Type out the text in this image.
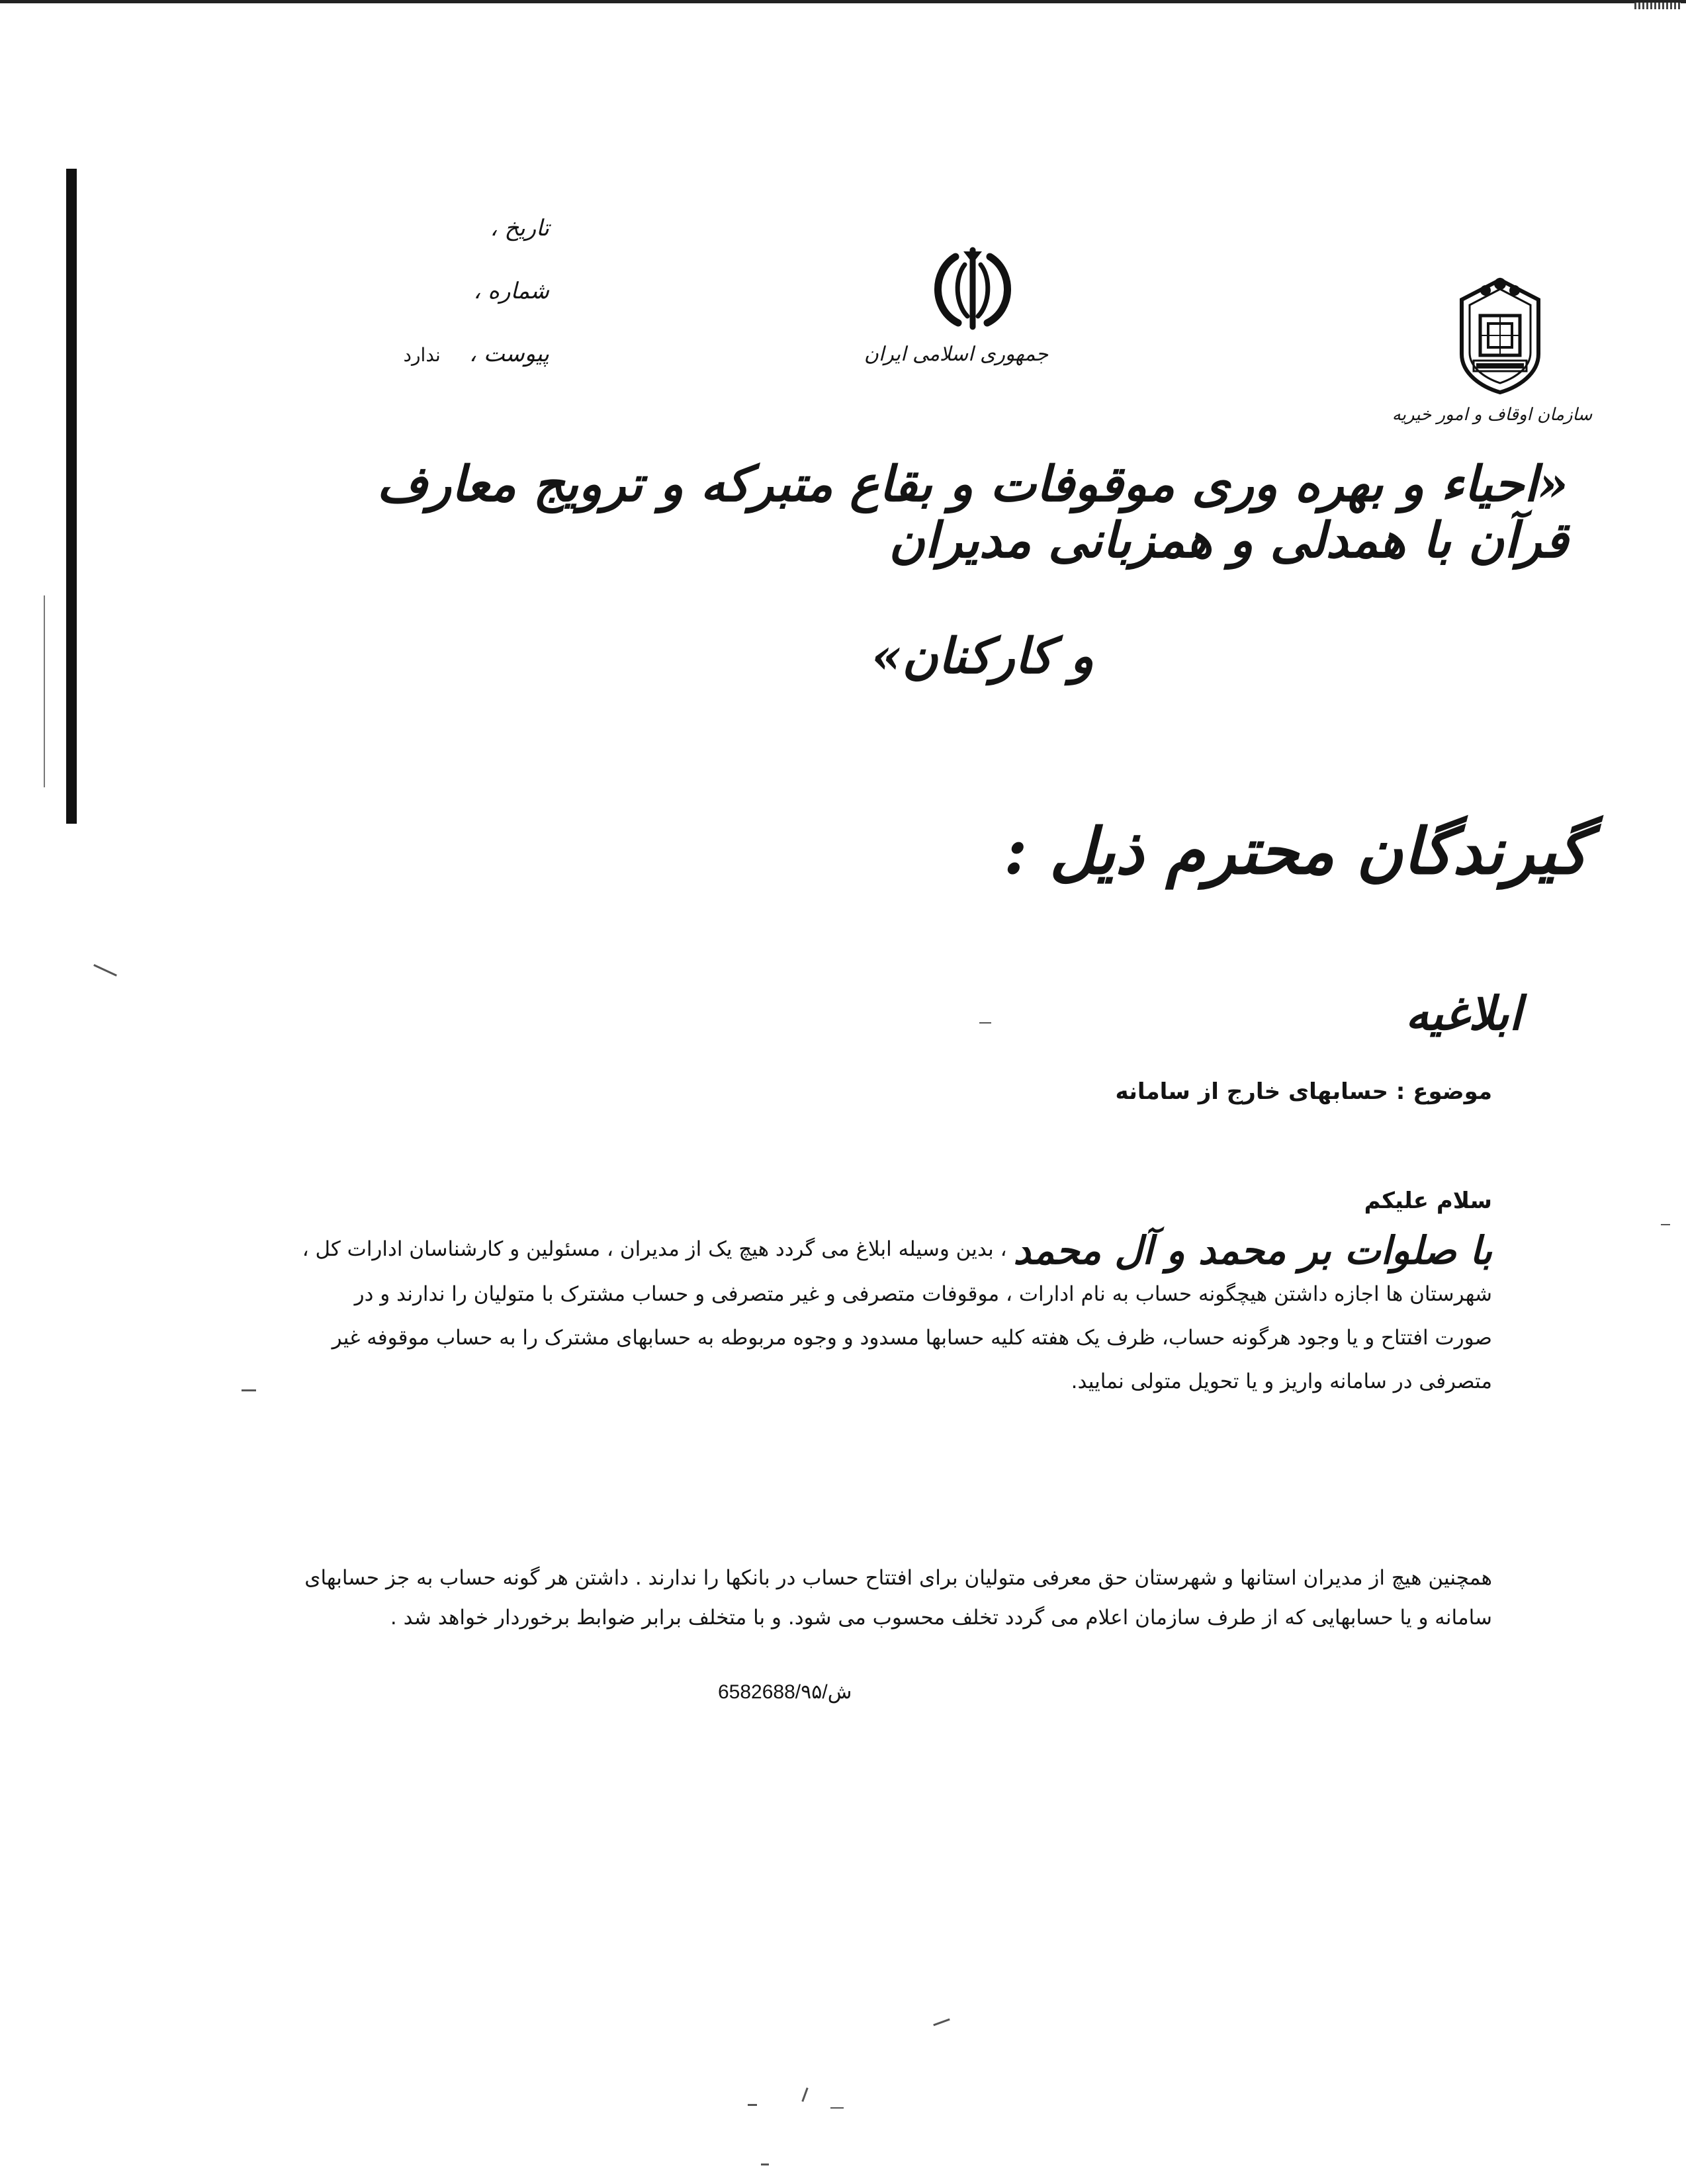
تاریخ ،
شماره ،
پیوست ،    ندارد	جمهوری اسلامی ایران
سازمان اوقاف و امور خیریه
«احیاء و بهره وری موقوفات و بقاع متبرکه و ترویج معارف قرآن با همدلی و همزبانی مدیران
و کارکنان»
گیرندگان محترم ذیل :
ابلاغیه
موضوع : حسابهای خارج از سامانه
سلام علیکم
با صلوات بر محمد و آل محمد ، بدین وسیله ابلاغ می گردد هیچ یک از مدیران ، مسئولین و کارشناسان ادارات کل ، شهرستان ها اجازه داشتن هیچگونه حساب به نام ادارات ، موقوفات متصرفی و غیر متصرفی و حساب مشترک با متولیان را ندارند و در صورت افتتاح و یا وجود هرگونه حساب، ظرف یک هفته کلیه حسابها مسدود و وجوه مربوطه به حسابهای مشترک را به حساب موقوفه غیر متصرفی در سامانه واریز و یا تحویل متولی نمایید.
همچنین هیچ از مدیران استانها و شهرستان حق معرفی متولیان برای افتتاح حساب در بانکها را ندارند . داشتن هر گونه حساب به جز حسابهای سامانه و یا حسابهایی که از طرف سازمان اعلام می گردد تخلف محسوب می شود. و با متخلف برابر ضوابط برخوردار خواهد شد .
6582688/ش/۹۵
